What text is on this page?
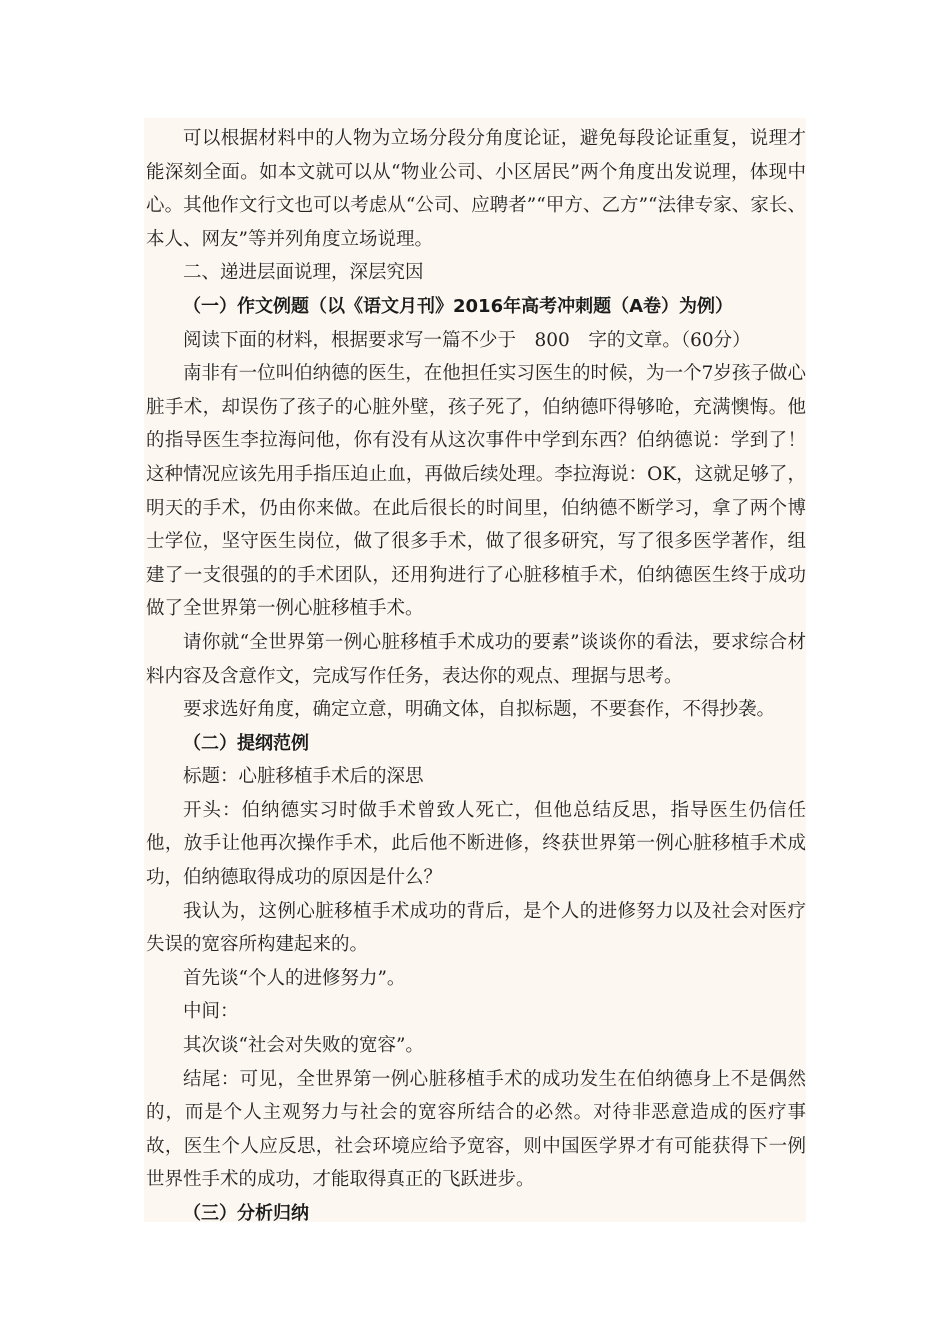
可以根据材料中的人物为立场分段分角度论证，避免每段论证重复，说理才能深刻全面。如本文就可以从“物业公司、小区居民”两个角度出发说理，体现中心。其他作文行文也可以考虑从“公司、应聘者”“甲方、乙方”“法律专家、家长、本人、网友”等并列角度立场说理。

二、递进层面说理，深层究因

（一）作文例题（以《语文月刊》2016年高考冲刺题（A卷）为例）

阅读下面的材料，根据要求写一篇不少于　800　字的文章。（60分）

南非有一位叫伯纳德的医生，在他担任实习医生的时候，为一个7岁孩子做心脏手术，却误伤了孩子的心脏外壁，孩子死了，伯纳德吓得够呛，充满懊悔。他的指导医生李拉海问他，你有没有从这次事件中学到东西？伯纳德说：学到了！这种情况应该先用手指压迫止血，再做后续处理。李拉海说：OK，这就足够了，明天的手术，仍由你来做。在此后很长的时间里，伯纳德不断学习，拿了两个博士学位，坚守医生岗位，做了很多手术，做了很多研究，写了很多医学著作，组建了一支很强的的手术团队，还用狗进行了心脏移植手术，伯纳德医生终于成功做了全世界第一例心脏移植手术。

请你就“全世界第一例心脏移植手术成功的要素”谈谈你的看法，要求综合材料内容及含意作文，完成写作任务，表达你的观点、理据与思考。

要求选好角度，确定立意，明确文体，自拟标题，不要套作，不得抄袭。

（二）提纲范例

标题：心脏移植手术后的深思

开头：伯纳德实习时做手术曾致人死亡，但他总结反思，指导医生仍信任他，放手让他再次操作手术，此后他不断进修，终获世界第一例心脏移植手术成功，伯纳德取得成功的原因是什么？

我认为，这例心脏移植手术成功的背后，是个人的进修努力以及社会对医疗失误的宽容所构建起来的。

首先谈“个人的进修努力”。

中间：

其次谈“社会对失败的宽容”。

结尾：可见，全世界第一例心脏移植手术的成功发生在伯纳德身上不是偶然的，而是个人主观努力与社会的宽容所结合的必然。对待非恶意造成的医疗事故，医生个人应反思，社会环境应给予宽容，则中国医学界才有可能获得下一例世界性手术的成功，才能取得真正的飞跃进步。

（三）分析归纳
